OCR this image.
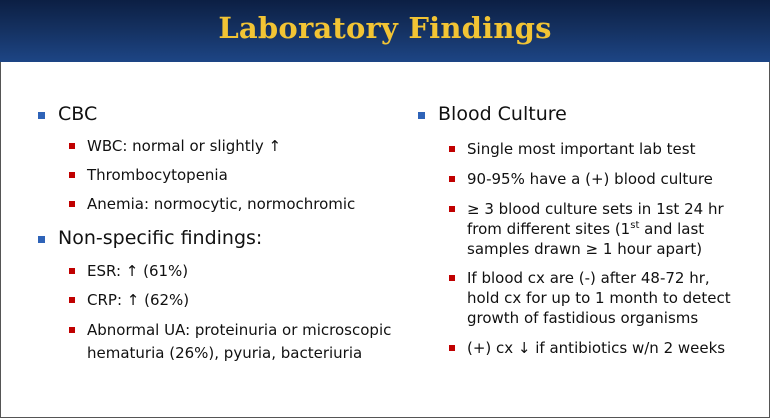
Laboratory Findings
CBC
WBC: normal or slightly ↑
Thrombocytopenia
Anemia: normocytic, normochromic
Non-specific findings:
ESR: ↑ (61%)
CRP: ↑ (62%)
Abnormal UA: proteinuria or microscopic
hematuria (26%), pyuria, bacteriuria
Blood Culture
Single most important lab test
90-95% have a (+) blood culture
≥ 3 blood culture sets in 1st 24 hr
from different sites (1st and last
samples drawn ≥ 1 hour apart)
If blood cx are (-) after 48-72 hr,
hold cx for up to 1 month to detect
growth of fastidious organisms
(+) cx ↓ if antibiotics w/n 2 weeks
